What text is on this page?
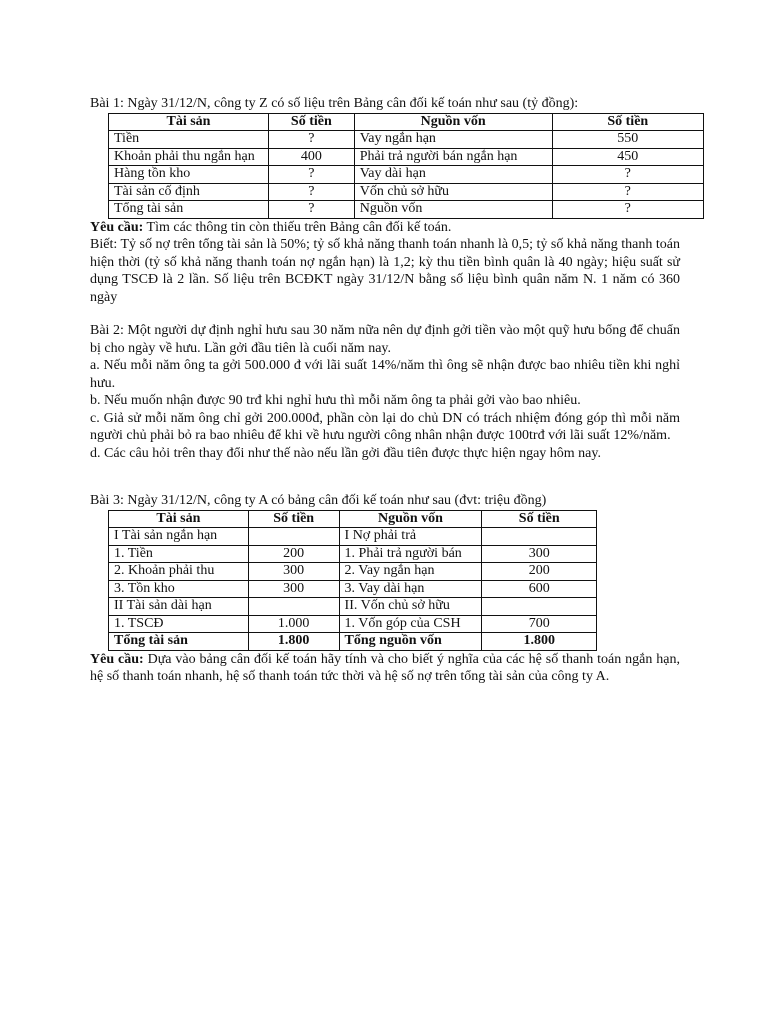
Bài 1: Ngày 31/12/N, công ty Z có số liệu trên Bảng cân đối kế toán như sau (tỷ đồng):

Tài sản	Số tiền	Nguồn vốn	Số tiền
Tiền	?	Vay ngắn hạn	550
Khoản phải thu ngắn hạn	400	Phải trả người bán ngắn hạn	450
Hàng tồn kho	?	Vay dài hạn	?
Tài sản cố định	?	Vốn chủ sở hữu	?
Tổng tài sản	?	Nguồn vốn	?

Yêu cầu: Tìm các thông tin còn thiếu trên Bảng cân đối kế toán.

Biết: Tỷ số nợ trên tổng tài sản là 50%; tỷ số khả năng thanh toán nhanh là 0,5; tỷ số khả năng thanh toán hiện thời (tỷ số khả năng thanh toán nợ ngắn hạn) là 1,2; kỳ thu tiền bình quân là 40 ngày; hiệu suất sử dụng TSCĐ là 2 lần. Số liệu trên BCĐKT ngày 31/12/N bằng số liệu bình quân năm N. 1 năm có 360 ngày

Bài 2: Một người dự định nghỉ hưu sau 30 năm nữa nên dự định gởi tiền vào một quỹ hưu bổng để chuẩn bị cho ngày về hưu. Lần gởi đầu tiên là cuối năm nay.

a. Nếu mỗi năm ông ta gởi 500.000 đ với lãi suất 14%/năm thì ông sẽ nhận được bao nhiêu tiền khi nghỉ hưu.

b. Nếu muốn nhận được 90 trđ khi nghỉ hưu thì mỗi năm ông ta phải gởi vào bao nhiêu.

c. Giả sử mỗi năm ông chỉ gởi 200.000đ, phần còn lại do chủ DN có trách nhiệm đóng góp thì mỗi năm người chủ phải bỏ ra bao nhiêu để khi về hưu người công nhân nhận được 100trđ với lãi suất 12%/năm.

d. Các câu hỏi trên thay đổi như thế nào nếu lần gởi đầu tiên được thực hiện ngay hôm nay.

Bài 3: Ngày 31/12/N, công ty A có bảng cân đối kế toán như sau (đvt: triệu đồng)

Tài sản	Số tiền	Nguồn vốn	Số tiền
I Tài sản ngắn hạn		I Nợ phải trả	
1. Tiền	200	1. Phải trả người bán	300
2. Khoản phải thu	300	2. Vay ngắn hạn	200
3. Tồn kho	300	3. Vay dài hạn	600
II Tài sản dài hạn		II. Vốn chủ sở hữu	
1. TSCĐ	1.000	1. Vốn góp của CSH	700
Tổng tài sản	1.800	Tổng nguồn vốn	1.800

Yêu cầu: Dựa vào bảng cân đối kế toán hãy tính và cho biết ý nghĩa của các hệ số thanh toán ngắn hạn, hệ số thanh toán nhanh, hệ số thanh toán tức thời và hệ số nợ trên tổng tài sản của công ty A.
